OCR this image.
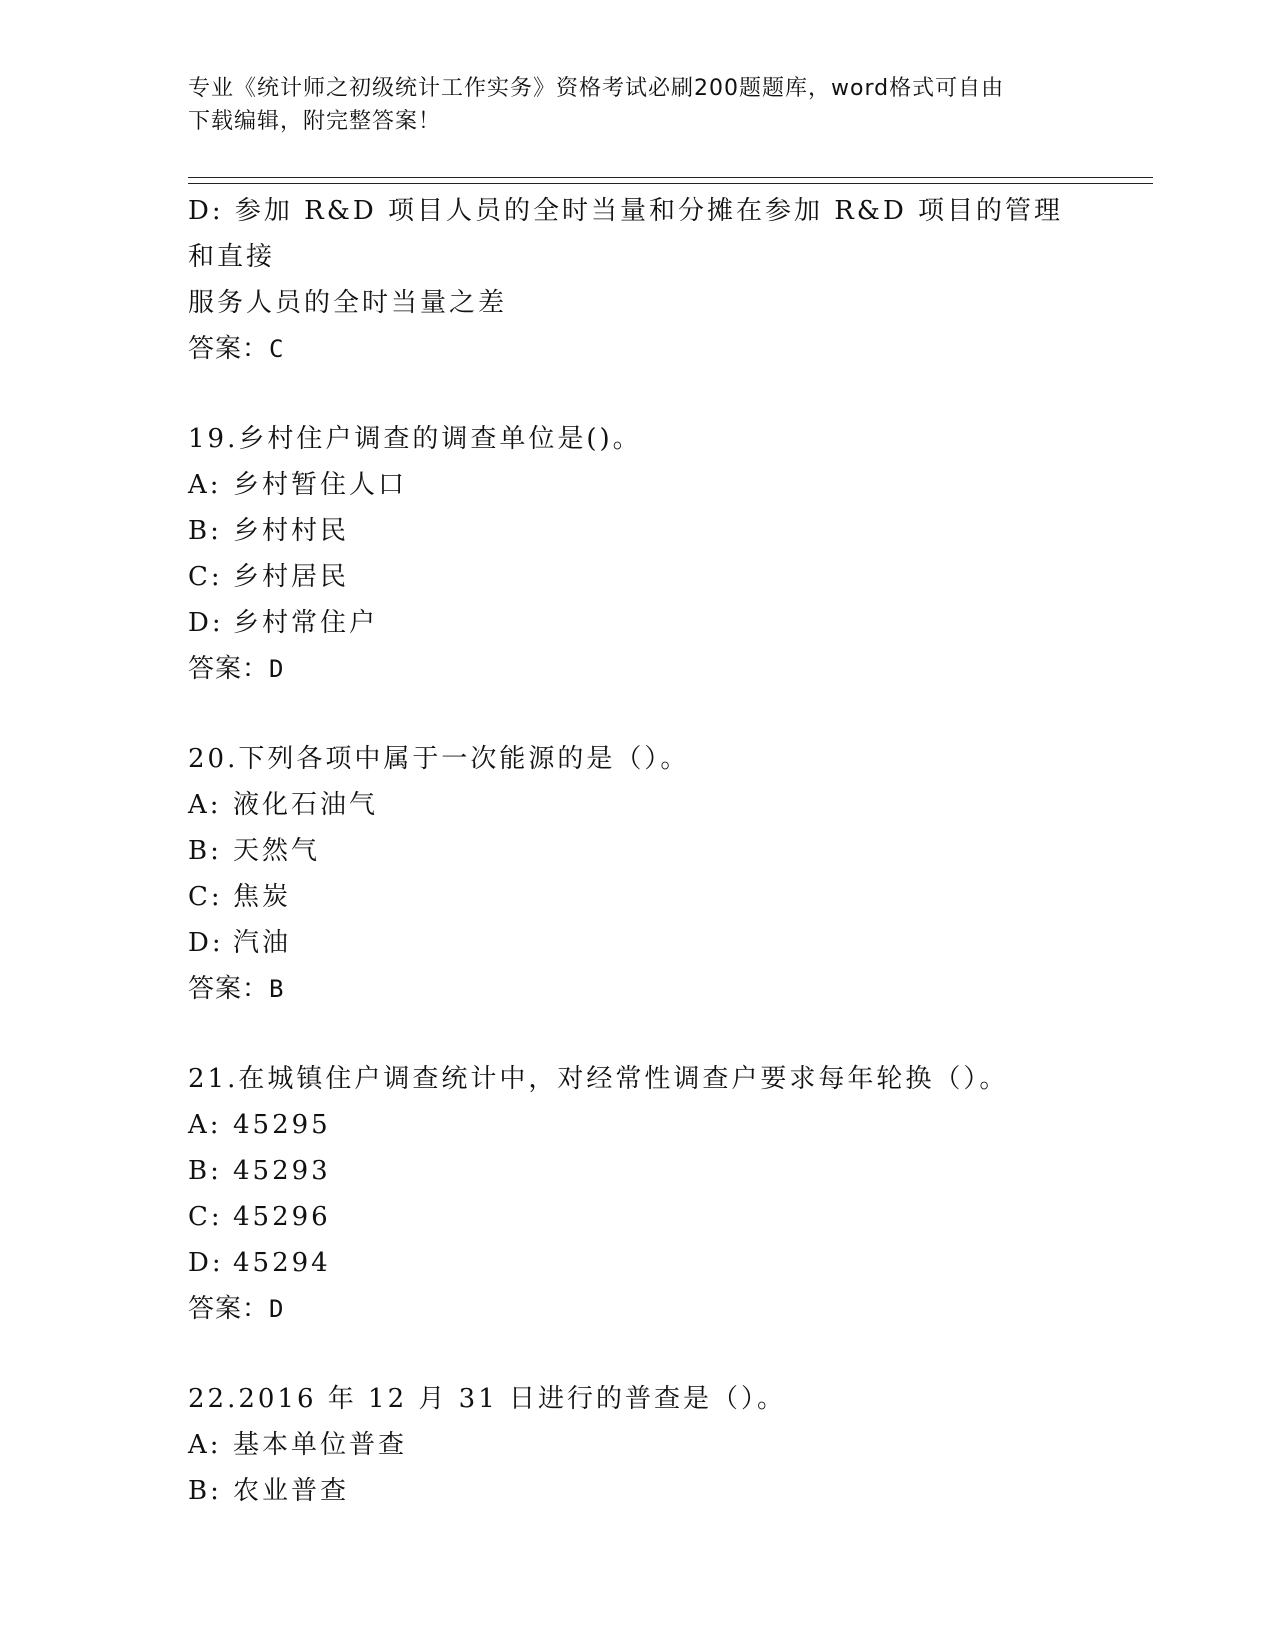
专业《统计师之初级统计工作实务》资格考试必刷200题题库，word格式可自由
下载编辑，附完整答案！
D: 参加 R&D 项目人员的全时当量和分摊在参加 R&D 项目的管理和直接
服务人员的全时当量之差
答案：C
19.乡村住户调查的调查单位是()。
A: 乡村暂住人口
B: 乡村村民
C: 乡村居民
D: 乡村常住户
答案：D
20.下列各项中属于一次能源的是（）。
A: 液化石油气
B: 天然气
C: 焦炭
D: 汽油
答案：B
21.在城镇住户调查统计中，对经常性调查户要求每年轮换（）。
A: 45295
B: 45293
C: 45296
D: 45294
答案：D
22.2016 年 12 月 31 日进行的普查是（）。
A: 基本单位普查
B: 农业普查
